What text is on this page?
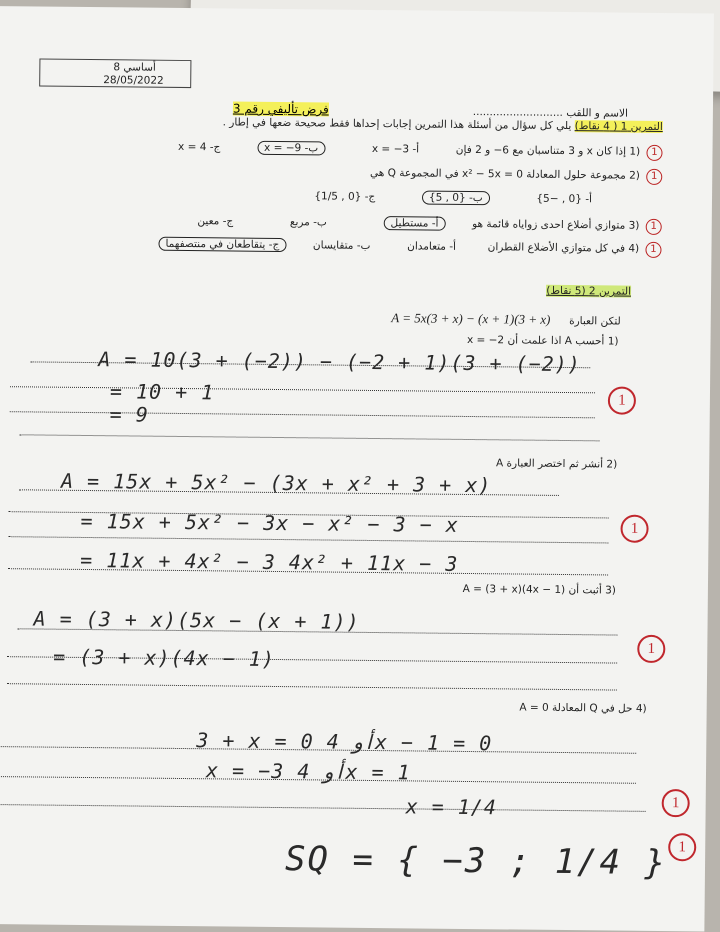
8 أساسي
28/05/2022
الاسم و اللقب ...........................
فرض تأليفي رقم 3
التمرين 1 ( 4 نقاط) يلي كل سؤال من أسئلة هذا التمرين إجابات إحداها فقط صحيحة ضعها في إطار .
1 (1 إذا كان x و 3 متناسبان مع 6− و 2 فإن  أ- x = −3  ب- x = −9  ج- x = 4
1 (2 مجموعة حلول المعادلة x² − 5x = 0 في المجموعة Q هي
أ- {0 , −5}  ب- {0 , 5}  ج- {0 , 1/5}
1 (3 متوازي أضلاع احدى زواياه قائمة هو  أ- مستطيل  ب- مربع  ج- معين
1 (4 في كل متوازي الأضلاع القطران  أ- متعامدان  ب- متقايسان  ج- يتقاطعان في منتصفهما
التمرين 2 (5 نقاط)
لتكن العبارة  A = 5x(3 + x) − (x + 1)(3 + x)
(1 أحسب A اذا علمت أن x = −2
A = 10(3 + (−2)) − (−2 + 1)(3 + (−2))
= 10 + 1
= 9
1
(2 أنشر ثم اختصر العبارة A
A = 15x + 5x² − (3x + x² + 3 + x)
= 15x + 5x² − 3x − x² − 3 − x
= 11x + 4x² − 3 4x² + 11x − 3
1
(3 أثبت أن A = (3 + x)(4x − 1)
A = (3 + x)(5x − (x + 1))
= (3 + x)(4x − 1)	1
(4 حل في Q المعادلة A = 0
3 + x = 0 أو 4x − 1 = 0
x = −3 أو 4x = 1
x = 1/4	1
SQ = { −3 ; 1/4 } 1
